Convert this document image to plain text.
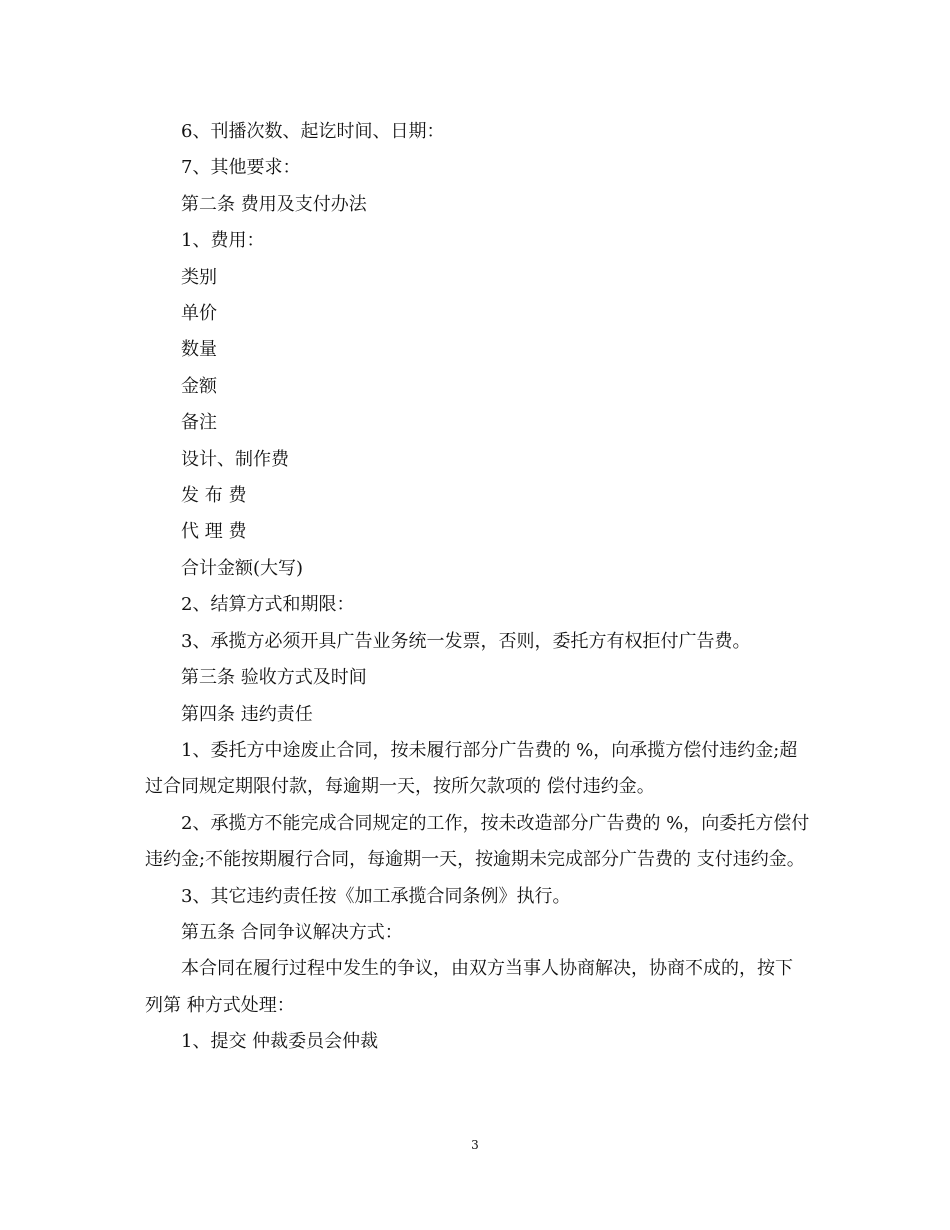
6、刊播次数、起讫时间、日期：

7、其他要求：

第二条 费用及支付办法

1、费用：

类别

单价

数量

金额

备注

设计、制作费

发 布 费

代 理 费

合计金额(大写)

2、结算方式和期限：

3、承揽方必须开具广告业务统一发票，否则，委托方有权拒付广告费。

第三条 验收方式及时间

第四条 违约责任

1、委托方中途废止合同，按未履行部分广告费的 %，向承揽方偿付违约金;超过合同规定期限付款，每逾期一天，按所欠款项的 偿付违约金。

2、承揽方不能完成合同规定的工作，按未改造部分广告费的 %，向委托方偿付违约金;不能按期履行合同，每逾期一天，按逾期未完成部分广告费的 支付违约金。

3、其它违约责任按《加工承揽合同条例》执行。

第五条 合同争议解决方式：

本合同在履行过程中发生的争议，由双方当事人协商解决，协商不成的，按下列第 种方式处理：

1、提交 仲裁委员会仲裁

3
